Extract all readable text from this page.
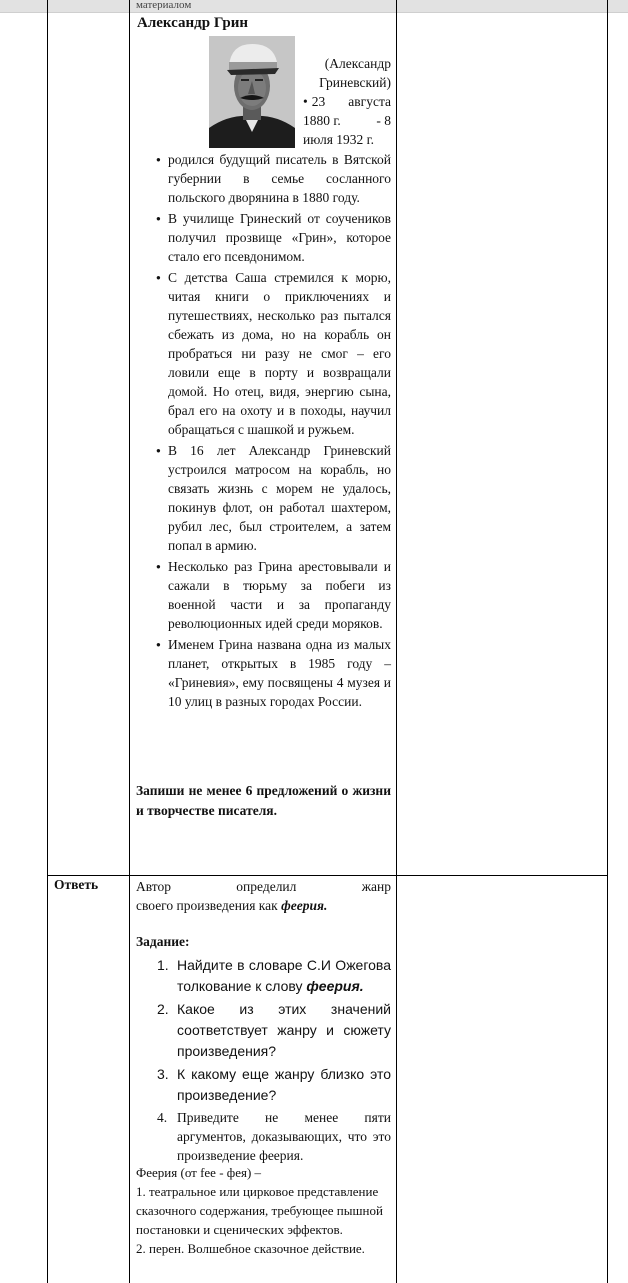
материалом
Александр Грин
(Александр Гриневский)
• 23 августа
1880 г.	- 8
июля 1932 г.
● родился будущий писатель в Вятской губернии в семье сосланного польского дворянина в 1880 году.
● В училище Гринеский от соучеников получил прозвище «Грин», которое стало его псевдонимом.
● С детства Саша стремился к морю, читая книги о приключениях и путешествиях, несколько раз пытался сбежать из дома, но на корабль он пробраться ни разу не смог – его ловили еще в порту и возвращали домой. Но отец, видя, энергию сына, брал его на охоту и в походы, научил обращаться с шашкой и ружьем.
● В 16 лет Александр Гриневский устроился матросом на корабль, но связать жизнь с морем не удалось, покинув флот, он работал шахтером, рубил лес, был строителем, а затем попал в армию.
● Несколько раз Грина арестовывали и сажали в тюрьму за побеги из военной части и за пропаганду революционных идей среди моряков.
● Именем Грина названа одна из малых планет, открытых в 1985 году – «Гриневия», ему посвящены 4 музея и 10 улиц в разных городах России.
Запиши не менее 6 предложений о жизни и творчестве писателя.
Ответь	Автор	определил	жанр
своего произведения как феерия.
Задание:
1. Найдите в словаре С.И Ожегова толкование к слову феерия.
2. Какое из этих значений соответствует жанру и сюжету произведения?
3. К какому еще жанру близко это произведение?
4. Приведите не менее пяти аргументов, доказывающих, что это произведение феерия.
Феерия (от fee - фея) –
1. театральное или цирковое представление сказочного содержания, требующее пышной постановки и сценических эффектов.
2. перен. Волшебное сказочное действие.
